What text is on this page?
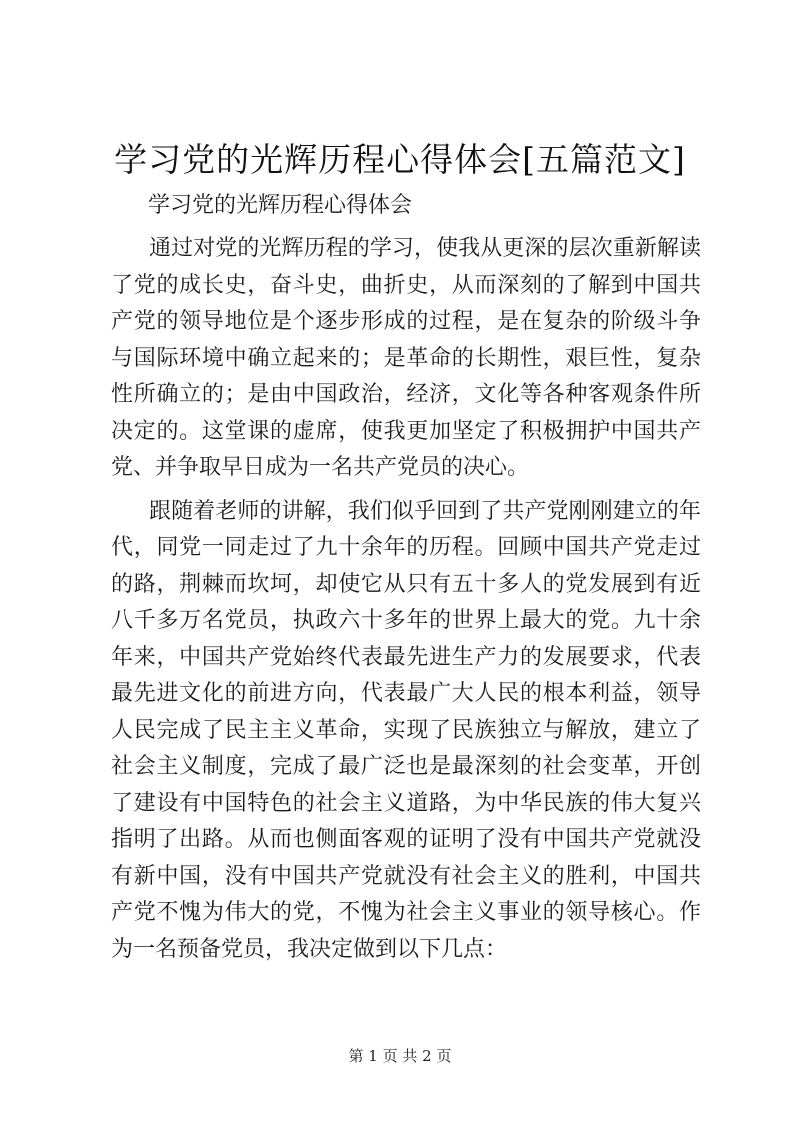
学习党的光辉历程心得体会[五篇范文]

学习党的光辉历程心得体会

通过对党的光辉历程的学习，使我从更深的层次重新解读了党的成长史，奋斗史，曲折史，从而深刻的了解到中国共产党的领导地位是个逐步形成的过程，是在复杂的阶级斗争与国际环境中确立起来的；是革命的长期性，艰巨性，复杂性所确立的；是由中国政治，经济，文化等各种客观条件所决定的。这堂课的虚席，使我更加坚定了积极拥护中国共产党、并争取早日成为一名共产党员的决心。

跟随着老师的讲解，我们似乎回到了共产党刚刚建立的年代，同党一同走过了九十余年的历程。回顾中国共产党走过的路，荆棘而坎坷，却使它从只有五十多人的党发展到有近八千多万名党员，执政六十多年的世界上最大的党。九十余年来，中国共产党始终代表最先进生产力的发展要求，代表最先进文化的前进方向，代表最广大人民的根本利益，领导人民完成了民主主义革命，实现了民族独立与解放，建立了社会主义制度，完成了最广泛也是最深刻的社会变革，开创了建设有中国特色的社会主义道路，为中华民族的伟大复兴指明了出路。从而也侧面客观的证明了没有中国共产党就没有新中国，没有中国共产党就没有社会主义的胜利，中国共产党不愧为伟大的党，不愧为社会主义事业的领导核心。作为一名预备党员，我决定做到以下几点：

第 1 页 共 2 页
